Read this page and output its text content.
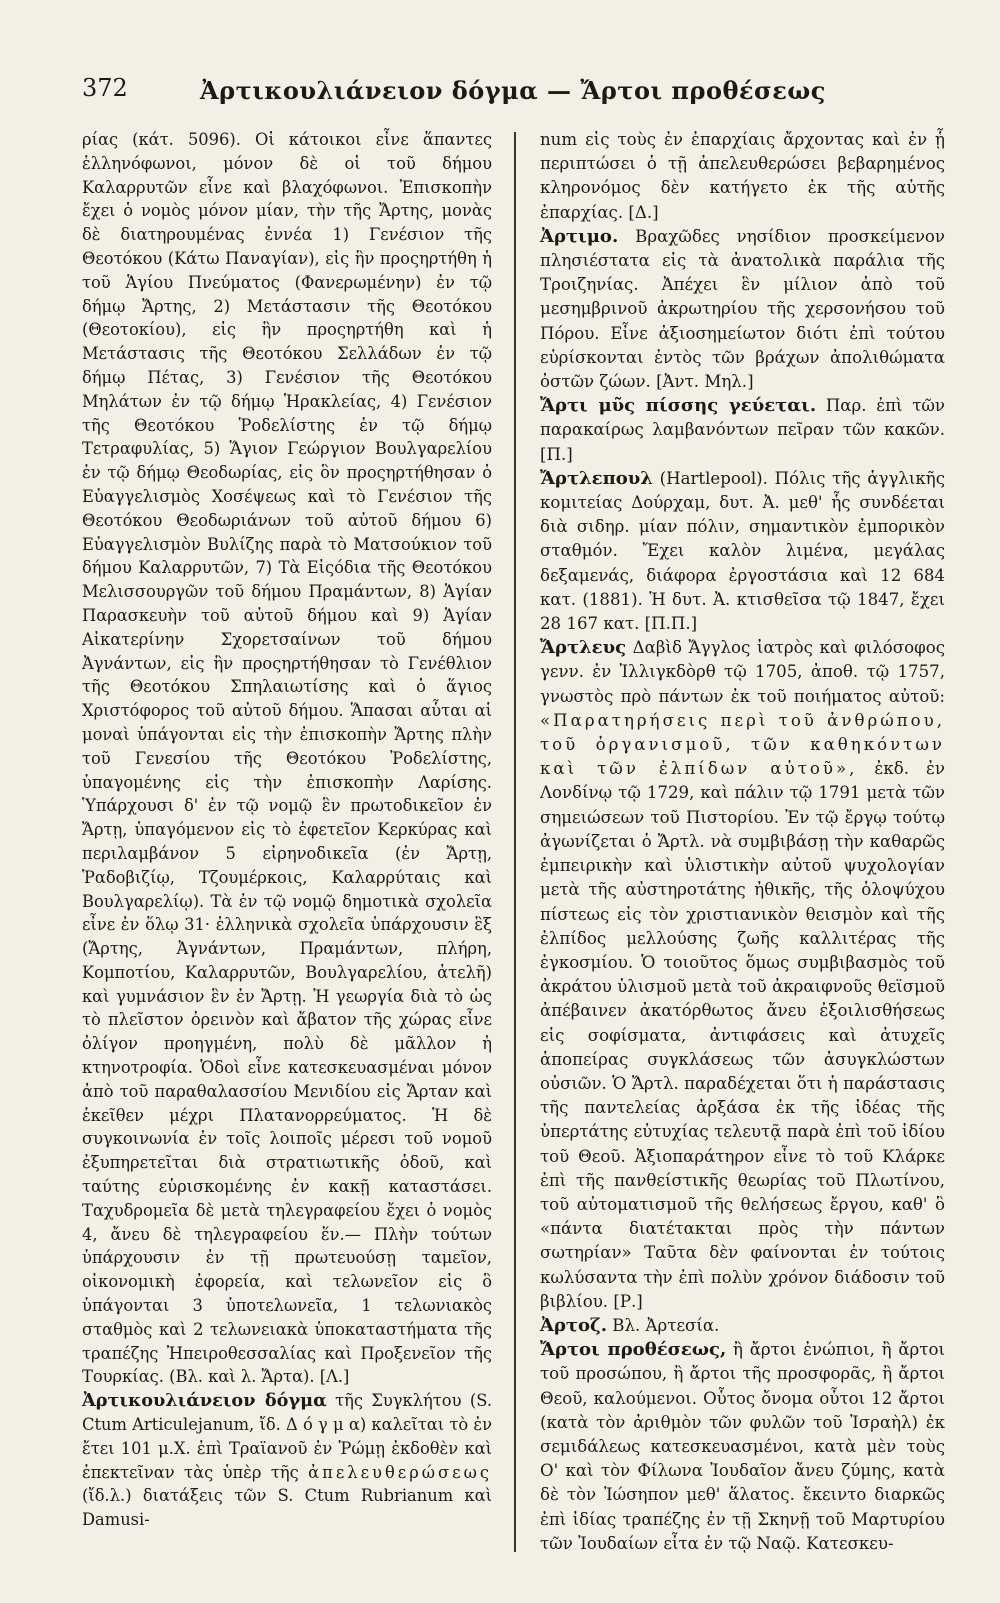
372	Ἀρτικουλιάνειον δόγμα — Ἄρτοι προθέσεως

ρίας (κάτ. 5096). Οἱ κάτοικοι εἶνε ἅπαντες ἑλληνόφωνοι, μόνον δὲ οἱ τοῦ δήμου Καλαρρυτῶν εἶνε καὶ βλαχόφωνοι. Ἐπισκοπὴν ἔχει ὁ νομὸς μόνον μίαν, τὴν τῆς Ἄρτης, μονὰς δὲ διατηρουμένας ἐννέα 1) Γενέσιον τῆς Θεοτόκου (Κάτω Παναγίαν), εἰς ἣν προςηρτήθη ἡ τοῦ Ἁγίου Πνεύματος (Φανερωμένην) ἐν τῷ δήμῳ Ἄρτης, 2) Μετάστασιν τῆς Θεοτόκου (Θεοτοκίου), εἰς ἣν προςηρτήθη καὶ ἡ Μετάστασις τῆς Θεοτόκου Σελλάδων ἐν τῷ δήμῳ Πέτας, 3) Γενέσιον τῆς Θεοτόκου Μηλάτων ἐν τῷ δήμῳ Ἡρακλείας, 4) Γενέσιον τῆς Θεοτόκου Ῥοδελίστης ἐν τῷ δήμῳ Τετραφυλίας, 5) Ἅγιον Γεώργιον Βουλγαρελίου ἐν τῷ δήμῳ Θεοδωρίας, εἰς ὃν προςηρτήθησαν ὁ Εὐαγγελισμὸς Χοσέψεως καὶ τὸ Γενέσιον τῆς Θεοτόκου Θεοδωριάνων τοῦ αὐτοῦ δήμου 6) Εὐαγγελισμὸν Βυλίζης παρὰ τὸ Ματσούκιον τοῦ δήμου Καλαρρυτῶν, 7) Τὰ Εἰςόδια τῆς Θεοτόκου Μελισσουργῶν τοῦ δήμου Πραμάντων, 8) Ἁγίαν Παρασκευὴν τοῦ αὐτοῦ δήμου καὶ 9) Ἁγίαν Αἰκατερίνην Σχορετσαίνων τοῦ δήμου Ἀγνάντων, εἰς ἣν προςηρτήθησαν τὸ Γενέθλιον τῆς Θεοτόκου Σπηλαιωτίσης καὶ ὁ ἅγιος Χριστόφορος τοῦ αὐτοῦ δήμου. Ἅπασαι αὗται αἱ μοναὶ ὑπάγονται εἰς τὴν ἐπισκοπὴν Ἄρτης πλὴν τοῦ Γενεσίου τῆς Θεοτόκου Ῥοδελίστης, ὑπαγομένης εἰς τὴν ἐπισκοπὴν Λαρίσης. Ὑπάρχουσι δ' ἐν τῷ νομῷ ἓν πρωτοδικεῖον ἐν Ἄρτῃ, ὑπαγόμενον εἰς τὸ ἐφετεῖον Κερκύρας καὶ περιλαμβάνον 5 εἰρηνοδικεῖα (ἐν Ἄρτῃ, Ῥαδοβιζίῳ, Τζουμέρκοις, Καλαρρύταις καὶ Βουλγαρελίῳ). Τὰ ἐν τῷ νομῷ δημοτικὰ σχολεῖα εἶνε ἐν ὅλῳ 31· ἑλληνικὰ σχολεῖα ὑπάρχουσιν ἓξ (Ἄρτης, Ἀγνάντων, Πραμάντων, πλήρη, Κομποτίου, Καλαρρυτῶν, Βουλγαρελίου, ἀτελῆ) καὶ γυμνάσιον ἓν ἐν Ἄρτῃ. Ἡ γεωργία διὰ τὸ ὡς τὸ πλεῖστον ὀρεινὸν καὶ ἄβατον τῆς χώρας εἶνε ὀλίγον προηγμένη, πολὺ δὲ μᾶλλον ἡ κτηνοτροφία. Ὁδοὶ εἶνε κατεσκευασμέναι μόνον ἀπὸ τοῦ παραθαλασσίου Μενιδίου εἰς Ἄρταν καὶ ἐκεῖθεν μέχρι Πλατανορρεύματος. Ἡ δὲ συγκοινωνία ἐν τοῖς λοιποῖς μέρεσι τοῦ νομοῦ ἐξυπηρετεῖται διὰ στρατιωτικῆς ὁδοῦ, καὶ ταύτης εὑρισκομένης ἐν κακῇ καταστάσει. Ταχυδρομεῖα δὲ μετὰ τηλεγραφείου ἔχει ὁ νομὸς 4, ἄνευ δὲ τηλεγραφείου ἕν.— Πλὴν τούτων ὑπάρχουσιν ἐν τῇ πρωτευούσῃ ταμεῖον, οἰκονομικὴ ἐφορεία, καὶ τελωνεῖον εἰς ὃ ὑπάγονται 3 ὑποτελωνεῖα, 1 τελωνιακὸς σταθμὸς καὶ 2 τελωνειακὰ ὑποκαταστήματα τῆς τραπέζης Ἠπειροθεσσαλίας καὶ Προξενεῖον τῆς Τουρκίας. (Βλ. καὶ λ. Ἄρτα). [Λ.]

Ἀρτικουλιάνειον δόγμα τῆς Συγκλήτου (S. Ctum Articulejanum, ἴδ. Δ ό γ μ α) καλεῖται τὸ ἐν ἔτει 101 μ.Χ. ἐπὶ Τραϊανοῦ ἐν Ῥώμῃ ἐκδοθὲν καὶ ἐπεκτεῖναν τὰς ὑπὲρ τῆς ἀπελευθερώσεως (ἴδ.λ.) διατάξεις τῶν S. Ctum Rubrianum καὶ Damusi-

num εἰς τοὺς ἐν ἐπαρχίαις ἄρχοντας καὶ ἐν ᾗ περιπτώσει ὁ τῇ ἀπελευθερώσει βεβαρημένος κληρονόμος δὲν κατήγετο ἐκ τῆς αὐτῆς ἐπαρχίας. [Δ.]

Ἀρτιμο. Βραχῶδες νησίδιον προσκείμενον πλησιέστατα εἰς τὰ ἀνατολικὰ παράλια τῆς Τροιζηνίας. Ἀπέχει ἓν μίλιον ἀπὸ τοῦ μεσημβρινοῦ ἀκρωτηρίου τῆς χερσονήσου τοῦ Πόρου. Εἶνε ἀξιοσημείωτον διότι ἐπὶ τούτου εὑρίσκονται ἐντὸς τῶν βράχων ἀπολιθώματα ὀστῶν ζώων. [Ἀντ. Μηλ.]

Ἄρτι μῦς πίσσης γεύεται. Παρ. ἐπὶ τῶν παρακαίρως λαμβανόντων πεῖραν τῶν κακῶν. [Π.]

Ἄρτλεπουλ (Hartlepool). Πόλις τῆς ἀγγλικῆς κομιτείας Δούρχαμ, δυτ. Ἀ. μεθ' ἧς συνδέεται διὰ σιδηρ. μίαν πόλιν, σημαντικὸν ἐμπορικὸν σταθμόν. Ἔχει καλὸν λιμένα, μεγάλας δεξαμενάς, διάφορα ἐργοστάσια καὶ 12 684 κατ. (1881). Ἡ δυτ. Ἀ. κτισθεῖσα τῷ 1847, ἔχει 28 167 κατ. [Π.Π.]

Ἄρτλευς Δαβὶδ Ἄγγλος ἰατρὸς καὶ φιλόσοφος γενν. ἐν Ἰλλιγκδὸρθ τῷ 1705, ἀποθ. τῷ 1757, γνωστὸς πρὸ πάντων ἐκ τοῦ ποιήματος αὐτοῦ: «Παρατηρήσεις περὶ τοῦ ἀνθρώπου, τοῦ ὀργανισμοῦ, τῶν καθηκόντων καὶ τῶν ἐλπίδων αὐτοῦ», ἐκδ. ἐν Λονδίνῳ τῷ 1729, καὶ πάλιν τῷ 1791 μετὰ τῶν σημειώσεων τοῦ Πιστορίου. Ἐν τῷ ἔργῳ τούτῳ ἀγωνίζεται ὁ Ἄρτλ. νὰ συμβιβάσῃ τὴν καθαρῶς ἐμπειρικὴν καὶ ὑλιστικὴν αὐτοῦ ψυχολογίαν μετὰ τῆς αὐστηροτάτης ἠθικῆς, τῆς ὁλοψύχου πίστεως εἰς τὸν χριστιανικὸν θεισμὸν καὶ τῆς ἐλπίδος μελλούσης ζωῆς καλλιτέρας τῆς ἐγκοσμίου. Ὁ τοιοῦτος ὅμως συμβιβασμὸς τοῦ ἀκράτου ὑλισμοῦ μετὰ τοῦ ἀκραιφνοῦς θεϊσμοῦ ἀπέβαινεν ἀκατόρθωτος ἄνευ ἐξοιλισθήσεως εἰς σοφίσματα, ἀντιφάσεις καὶ ἀτυχεῖς ἀποπείρας συγκλάσεως τῶν ἀσυγκλώστων οὐσιῶν. Ὁ Ἄρτλ. παραδέχεται ὅτι ἡ παράστασις τῆς παντελείας ἀρξάσα ἐκ τῆς ἰδέας τῆς ὑπερτάτης εὐτυχίας τελευτᾷ παρὰ ἐπὶ τοῦ ἰδίου τοῦ Θεοῦ. Ἀξιοπαράτηρον εἶνε τὸ τοῦ Κλάρκε ἐπὶ τῆς πανθείστικῆς θεωρίας τοῦ Πλωτίνου, τοῦ αὐτοματισμοῦ τῆς θελήσεως ἔργου, καθ' ὃ «πάντα διατέτακται πρὸς τὴν πάντων σωτηρίαν» Ταῦτα δὲν φαίνονται ἐν τούτοις κωλύσαντα τὴν ἐπὶ πολὺν χρόνον διάδοσιν τοῦ βιβλίου. [Ρ.]

Ἀρτοζ. Βλ. Ἀρτεσία.

Ἄρτοι προθέσεως, ἢ ἄρτοι ἐνώπιοι, ἢ ἄρτοι τοῦ προσώπου, ἢ ἄρτοι τῆς προσφορᾶς, ἢ ἄρτοι Θεοῦ, καλούμενοι. Οὗτος ὄνομα οὗτοι 12 ἄρτοι (κατὰ τὸν ἀριθμὸν τῶν φυλῶν τοῦ Ἰσραὴλ) ἐκ σεμιδάλεως κατεσκευασμένοι, κατὰ μὲν τοὺς Ο' καὶ τὸν Φίλωνα Ἰουδαῖον ἄνευ ζύμης, κατὰ δὲ τὸν Ἰώσηπον μεθ' ἅλατος. ἔκειντο διαρκῶς ἐπὶ ἰδίας τραπέζης ἐν τῇ Σκηνῇ τοῦ Μαρτυρίου τῶν Ἰουδαίων εἶτα ἐν τῷ Ναῷ. Κατεσκευ-
